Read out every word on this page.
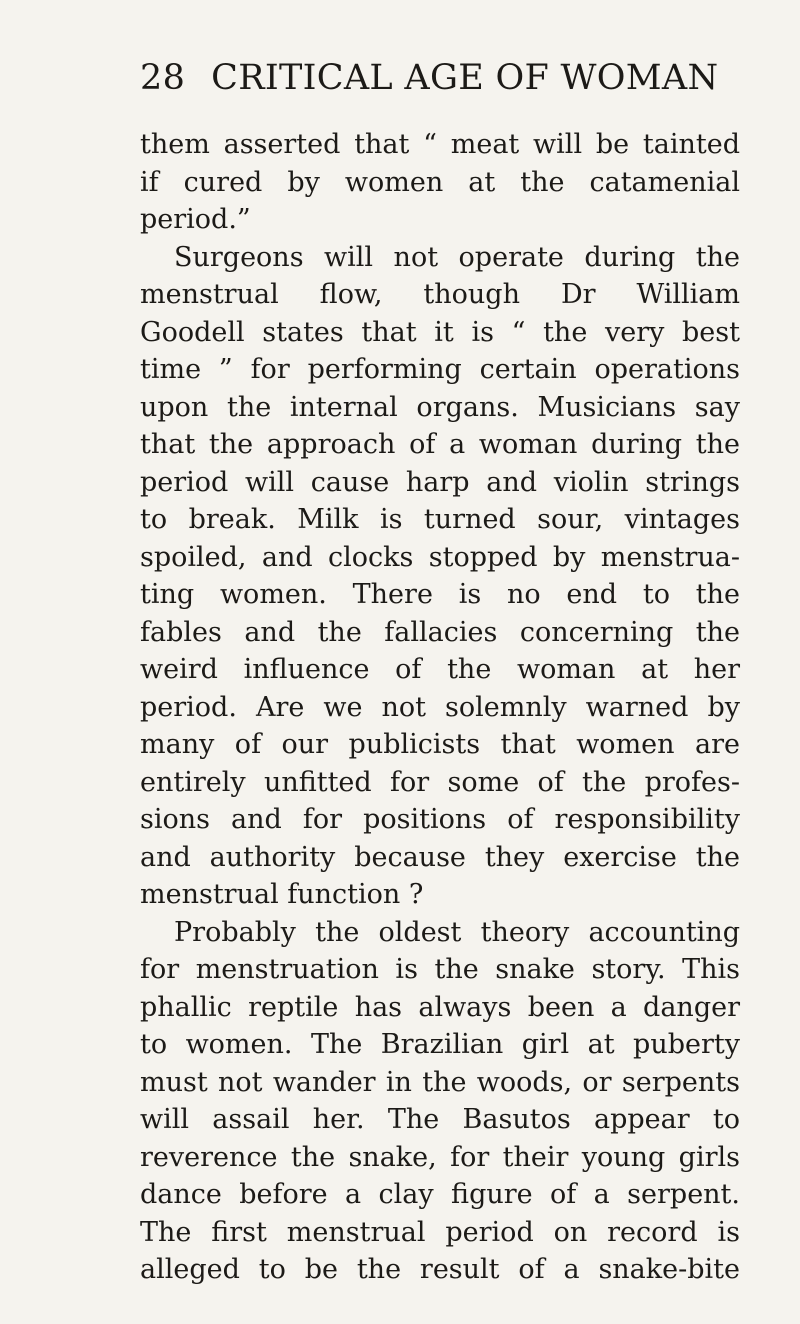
28 CRITICAL AGE OF WOMAN
them asserted that “ meat will be tainted
if cured by women at the catamenial
period.”
Surgeons will not operate during the
menstrual flow, though Dr William
Goodell states that it is “ the very best
time ” for performing certain operations
upon the internal organs. Musicians say
that the approach of a woman during the
period will cause harp and violin strings
to break. Milk is turned sour, vintages
spoiled, and clocks stopped by menstrua-
ting women. There is no end to the
fables and the fallacies concerning the
weird influence of the woman at her
period. Are we not solemnly warned by
many of our publicists that women are
entirely unfitted for some of the profes-
sions and for positions of responsibility
and authority because they exercise the
menstrual function ?
Probably the oldest theory accounting
for menstruation is the snake story. This
phallic reptile has always been a danger
to women. The Brazilian girl at puberty
must not wander in the woods, or serpents
will assail her. The Basutos appear to
reverence the snake, for their young girls
dance before a clay figure of a serpent.
The first menstrual period on record is
alleged to be the result of a snake-bite
